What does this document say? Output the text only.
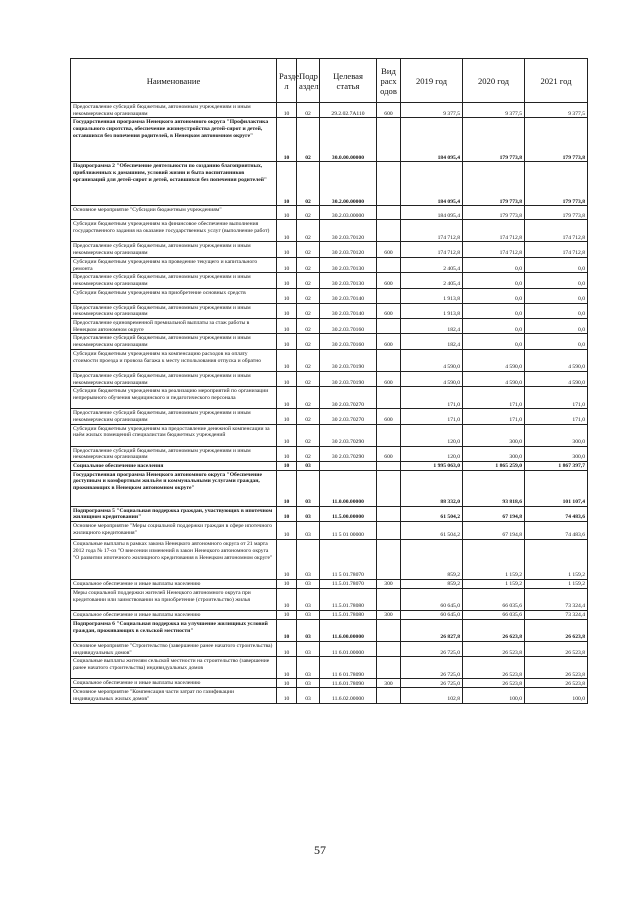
Наименование	Разде л	Подр аздел	Целевая статья	Вид расх одов	2019 год	2020 год	2021 год
Предоставление субсидий бюджетным, автономным учреждениям и иным некоммерческим организациям	10	02	29.2.02.7А110	600	9 377,5	9 377,5	9 377,5
Государственная программа Ненецкого автономного округа "Профилактика социального сиротства, обеспечение жизнеустройства детей-сирот и детей, оставшихся без попечения родителей, в Ненецком автономном округе"	10	02	30.0.00.00000		184 095,4	179 773,8	179 773,8
Подпрограмма 2 "Обеспечение деятельности по созданию благоприятных, приближенных к домашним, условий жизни и быта воспитанников организаций для детей-сирот и детей, оставшихся без попечения родителей"	10	02	30.2.00.00000		184 095,4	179 773,8	179 773,8
Основное мероприятие "Субсидии бюджетным учреждениям"	10	02	30.2.03.00000		184 095,4	179 773,8	179 773,8
Субсидии бюджетным учреждениям на финансовое обеспечение выполнения государственного задания на оказание государственных услуг (выполнение работ)	10	02	30 2.03.70120		174 712,8	174 712,8	174 712,8
Предоставление субсидий бюджетным, автономным учреждениям и иным некоммерческим организациям	10	02	30 2.03.70120	600	174 712,8	174 712,8	174 712,8
Субсидии бюджетным учреждениям на проведение текущего и капитального ремонта	10	02	30 2.03.70130		2 405,4	0,0	0,0
Предоставление субсидий бюджетным, автономным учреждениям и иным некоммерческим организациям	10	02	30 2.03.70130	600	2 405,4	0,0	0,0
Субсидии бюджетным учреждениям на приобретение основных средств	10	02	30 2.03.70140		1 913,8	0,0	0,0
Предоставление субсидий бюджетным, автономным учреждениям и иным некоммерческим организациям	10	02	30 2.03.70140	600	1 913,8	0,0	0,0
Предоставление единовременной премиальной выплаты за стаж работы в Ненецком автономном округе	10	02	30.2.03.70160		182,4	0,0	0,0
Предоставление субсидий бюджетным, автономным учреждениям и иным некоммерческим организациям	10	02	30 2.03.70160	600	182,4	0,0	0,0
Субсидии бюджетным учреждениям на компенсацию расходов на оплату стоимости проезда и провоза багажа к месту использования отпуска и обратно	10	02	30 2.03.70190		4 590,0	4 590,0	4 590,0
Предоставление субсидий бюджетным, автономным учреждениям и иным некоммерческим организациям	10	02	30 2.03.70190	600	4 590,0	4 590,0	4 590,0
Субсидии бюджетным учреждениям на реализацию мероприятий по организации непрерывного обучения медицинского и педагогического персонала	10	02	30 2.03.70270		171,0	171,0	171,0
Предоставление субсидий бюджетным, автономным учреждениям и иным некоммерческим организациям	10	02	30 2.03.70270	600	171,0	171,0	171,0
Субсидии бюджетным учреждениям на предоставление денежной компенсации за наём жилых помещений специалистам бюджетных учреждений	10	02	30 2.03.70290		120,0	300,0	300,0
Предоставление субсидий бюджетным, автономным учреждениям и иным некоммерческим организациям	10	02	30 2.03.70290	600	120,0	300,0	300,0
Социальное обеспечение населения	10	03			1 995 063,0	1 865 259,0	1 867 397,7
Государственная программа Ненецкого автономного округа "Обеспечение доступным и комфортным жильём и коммунальными услугами граждан, проживающих в Ненецком автономном округе"	10	03	11.0.00.00000		88 332,0	93 818,6	101 107,4
Подпрограмма 5 "Социальная поддержка граждан, участвующих в ипотечном жилищном кредитовании"	10	03	11.5.00.00000		61 504,2	67 194,8	74 483,6
Основное мероприятие "Меры социальной поддержки граждан в сфере ипотечного жилищного кредитования"	10	03	11 5 01 00000		61 504,2	67 194,8	74 483,6
Социальные выплаты в рамках закона Ненецкого автономного округа от 21 марта 2012 года № 17-оз "О внесении изменений в закон Ненецкого автономного округа "О развитии ипотечного жилищного кредитования в Ненецком автономном округе"	10	03	11 5 01.78070		859,2	1 159,2	1 159,2
Социальное обеспечение и иные выплаты населению	10	03	11.5.01.78070	300	859,2	1 159,2	1 159,2
Меры социальной поддержки жителей Ненецкого автономного округа при кредитовании или заимствовании на приобретение (строительство) жилья	10	03	11.5.01.78080		60 645,0	66 035,6	73 324,4
Социальное обеспечение и иные выплаты населению	10	03	11.5.01.78080	300	60 645,0	66 035,6	73 324,4
Подпрограмма 6 "Социальная поддержка на улучшение жилищных условий граждан, проживающих в сельской местности"	10	03	11.6.00.00000		26 827,8	26 623,8	26 623,8
Основное мероприятие "Строительство (завершение ранее начатого строительства) индивидуальных домов"	10	03	11 6.01.00000		26 725,0	26 523,8	26 523,8
Социальные выплаты жителям сельской местности на строительство (завершение ранее начатого строительства) индивидуальных домов	10	03	11 6 01.78090		26 725,0	26 523,8	26 523,8
Социальное обеспечение и иные выплаты населению	10	03	11.6.01.78090	300	26 725,0	26 523,8	26 523,8
Основное мероприятие "Компенсация части затрат по газификации индивидуальных жилых домов"	10	03	11.6.02.00000		102,8	100,0	100,0
57
